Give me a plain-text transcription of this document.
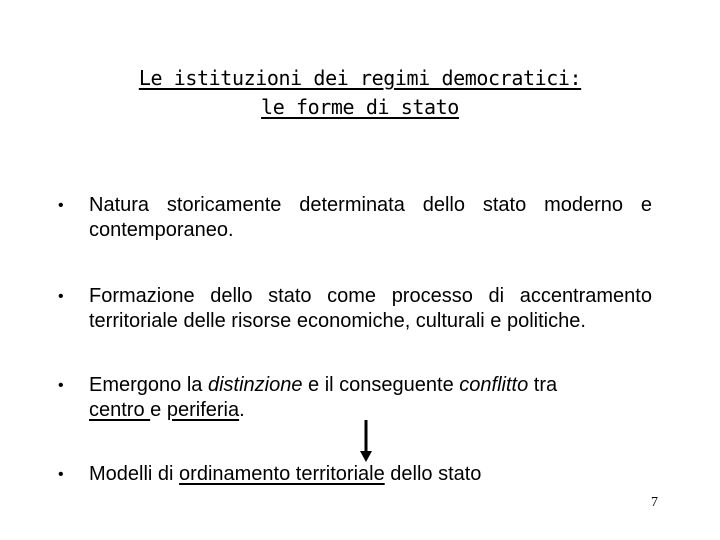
Le istituzioni dei regimi democratici:
le forme di stato
• Natura storicamente determinata dello stato moderno e contemporaneo.
• Formazione dello stato come processo di accentramento territoriale delle risorse economiche, culturali e politiche.
• Emergono la distinzione e il conseguente conflitto tra
centro e periferia.
• Modelli di ordinamento territoriale dello stato
7
